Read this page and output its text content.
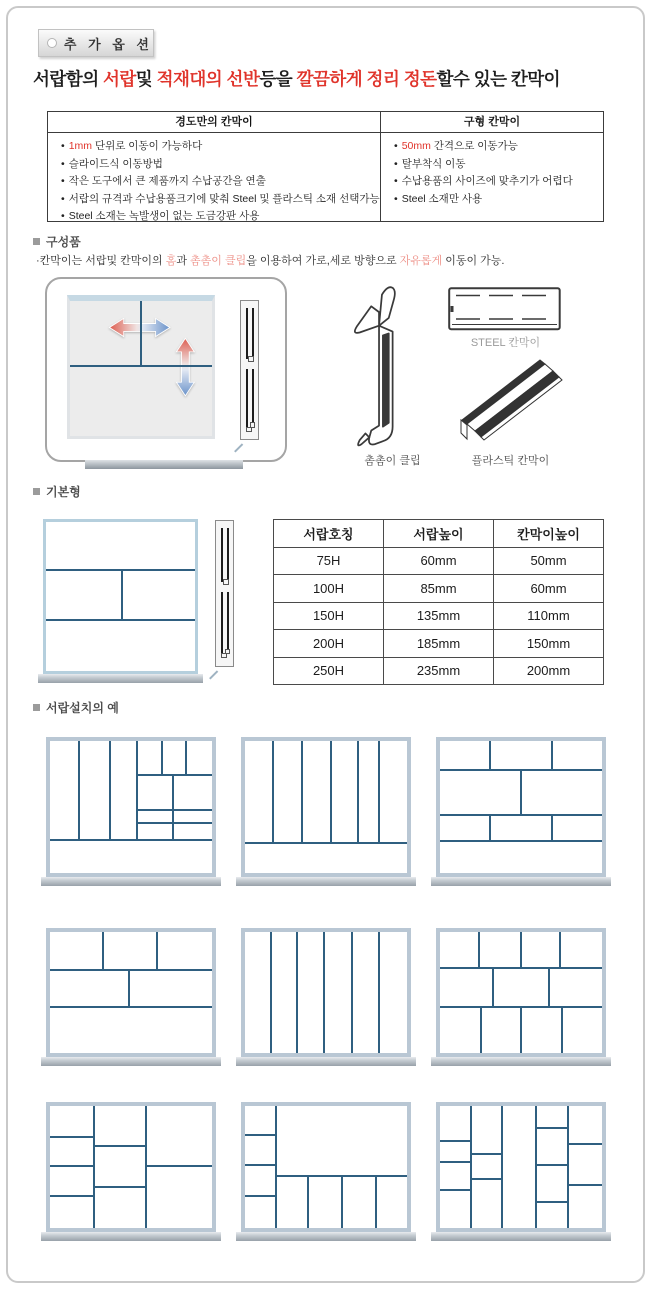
추 가 옵 션
서랍함의 서랍및 적재대의 선반등을 깔끔하게 정리 정돈할수 있는 칸막이
경도만의 칸막이
• 1mm 단위로 이동이 가능하다
• 슬라이드식 이동방법
• 작은 도구에서 큰 제품까지 수납공간을 연출
• 서랍의 규격과 수납용품크기에 맞춰 Steel 및 플라스틱 소재 선택가능
• Steel 소재는 녹발생이 없는 도금강판 사용
구형 칸막이
• 50mm 간격으로 이동가능
• 탈부착식 이동
• 수납용품의 사이즈에 맞추기가 어렵다
• Steel 소재만 사용
구성품

·칸막이는 서랍및 칸막이의 홈과 촘촘이 클립을 이용하여 가로,세로 방향으로 자유롭게 이동이 가능.

촘촘이 클립
STEEL 칸막이
플라스틱 칸막이
기본형
서랍호칭	서랍높이	칸막이높이
75H	60mm	50mm
100H	85mm	60mm
150H	135mm	110mm
200H	185mm	150mm
250H	235mm	200mm
서랍설치의 예
